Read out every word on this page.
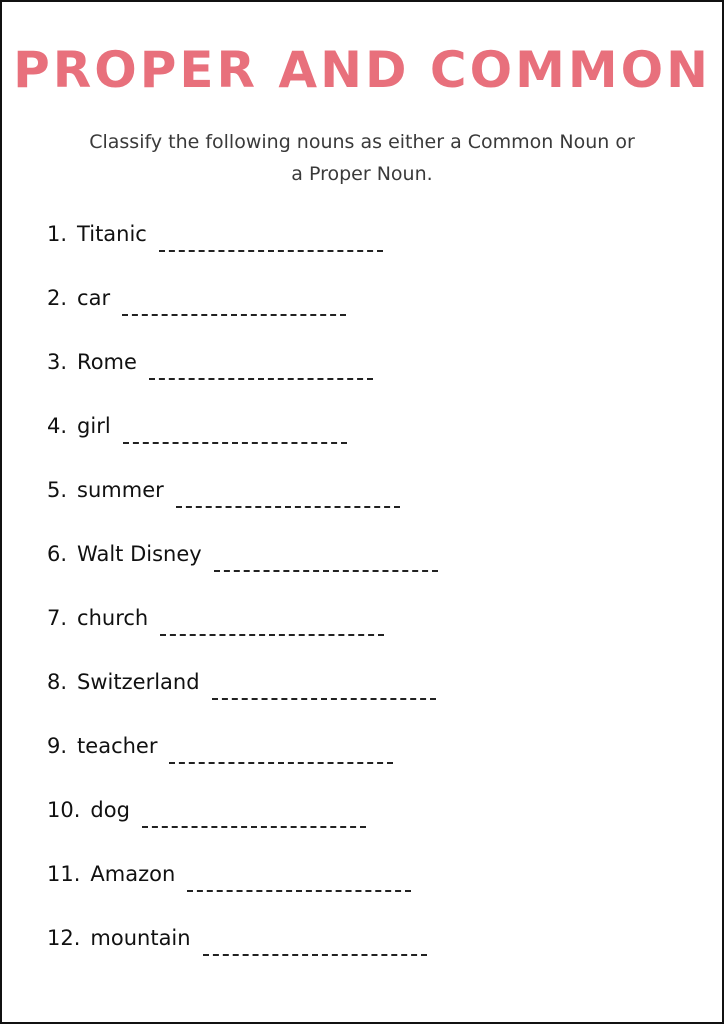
PROPER AND COMMON
Classify the following nouns as either a Common Noun or
a Proper Noun.
1. Titanic
2. car
3. Rome
4. girl
5. summer
6. Walt Disney
7. church
8. Switzerland
9. teacher
10. dog
11. Amazon
12. mountain
